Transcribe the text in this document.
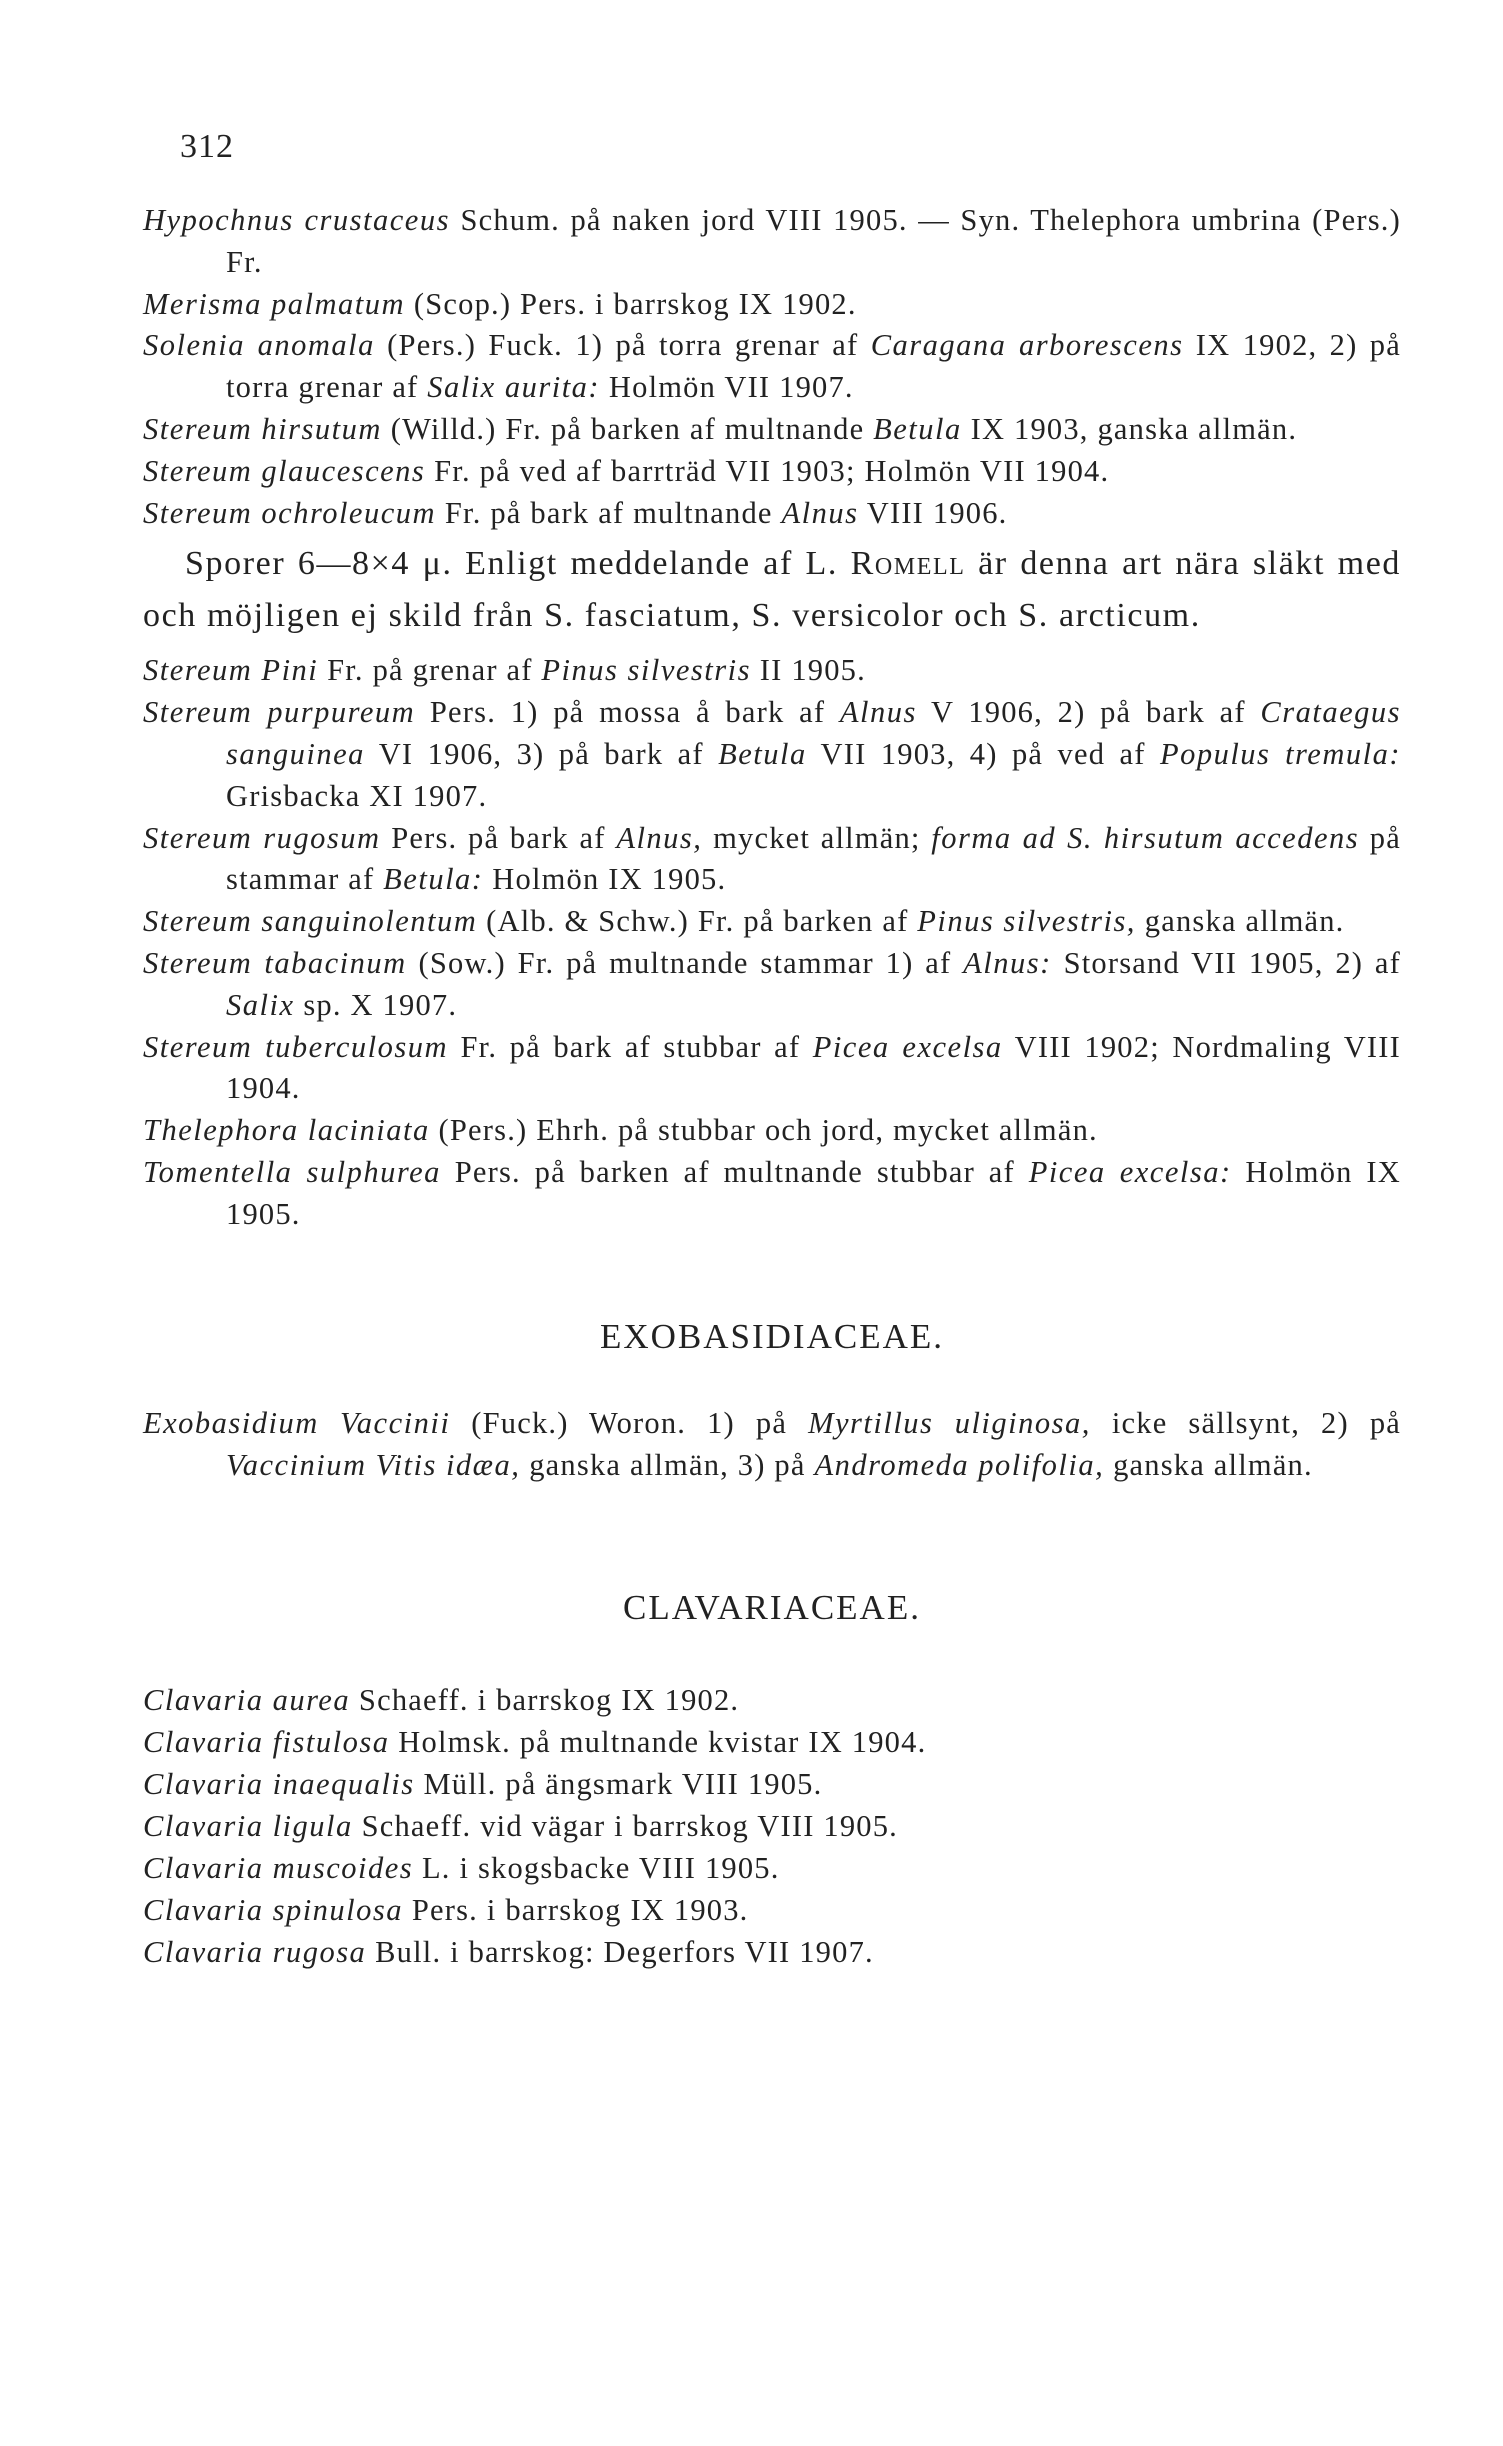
312

Hypochnus crustaceus Schum. på naken jord VIII 1905. — Syn. Thelephora umbrina (Pers.) Fr.

Merisma palmatum (Scop.) Pers. i barrskog IX 1902.

Solenia anomala (Pers.) Fuck. 1) på torra grenar af Caragana arborescens IX 1902, 2) på torra grenar af Salix aurita: Holmön VII 1907.

Stereum hirsutum (Willd.) Fr. på barken af multnande Betula IX 1903, ganska allmän.

Stereum glaucescens Fr. på ved af barrträd VII 1903; Holmön VII 1904.

Stereum ochroleucum Fr. på bark af multnande Alnus VIII 1906.

Sporer 6—8×4 μ. Enligt meddelande af L. Romell är denna art nära släkt med och möjligen ej skild från S. fasciatum, S. versicolor och S. arcticum.

Stereum Pini Fr. på grenar af Pinus silvestris II 1905.

Stereum purpureum Pers. 1) på mossa å bark af Alnus V 1906, 2) på bark af Crataegus sanguinea VI 1906, 3) på bark af Betula VII 1903, 4) på ved af Populus tremula: Grisbacka XI 1907.

Stereum rugosum Pers. på bark af Alnus, mycket allmän; forma ad S. hirsutum accedens på stammar af Betula: Holmön IX 1905.

Stereum sanguinolentum (Alb. & Schw.) Fr. på barken af Pinus silvestris, ganska allmän.

Stereum tabacinum (Sow.) Fr. på multnande stammar 1) af Alnus: Storsand VII 1905, 2) af Salix sp. X 1907.

Stereum tuberculosum Fr. på bark af stubbar af Picea excelsa VIII 1902; Nordmaling VIII 1904.

Thelephora laciniata (Pers.) Ehrh. på stubbar och jord, mycket allmän.

Tomentella sulphurea Pers. på barken af multnande stubbar af Picea excelsa: Holmön IX 1905.

EXOBASIDIACEAE.

Exobasidium Vaccinii (Fuck.) Woron. 1) på Myrtillus uliginosa, icke sällsynt, 2) på Vaccinium Vitis idæa, ganska allmän, 3) på Andromeda polifolia, ganska allmän.

CLAVARIACEAE.

Clavaria aurea Schaeff. i barrskog IX 1902.

Clavaria fistulosa Holmsk. på multnande kvistar IX 1904.

Clavaria inaequalis Müll. på ängsmark VIII 1905.

Clavaria ligula Schaeff. vid vägar i barrskog VIII 1905.

Clavaria muscoides L. i skogsbacke VIII 1905.

Clavaria spinulosa Pers. i barrskog IX 1903.

Clavaria rugosa Bull. i barrskog: Degerfors VII 1907.
